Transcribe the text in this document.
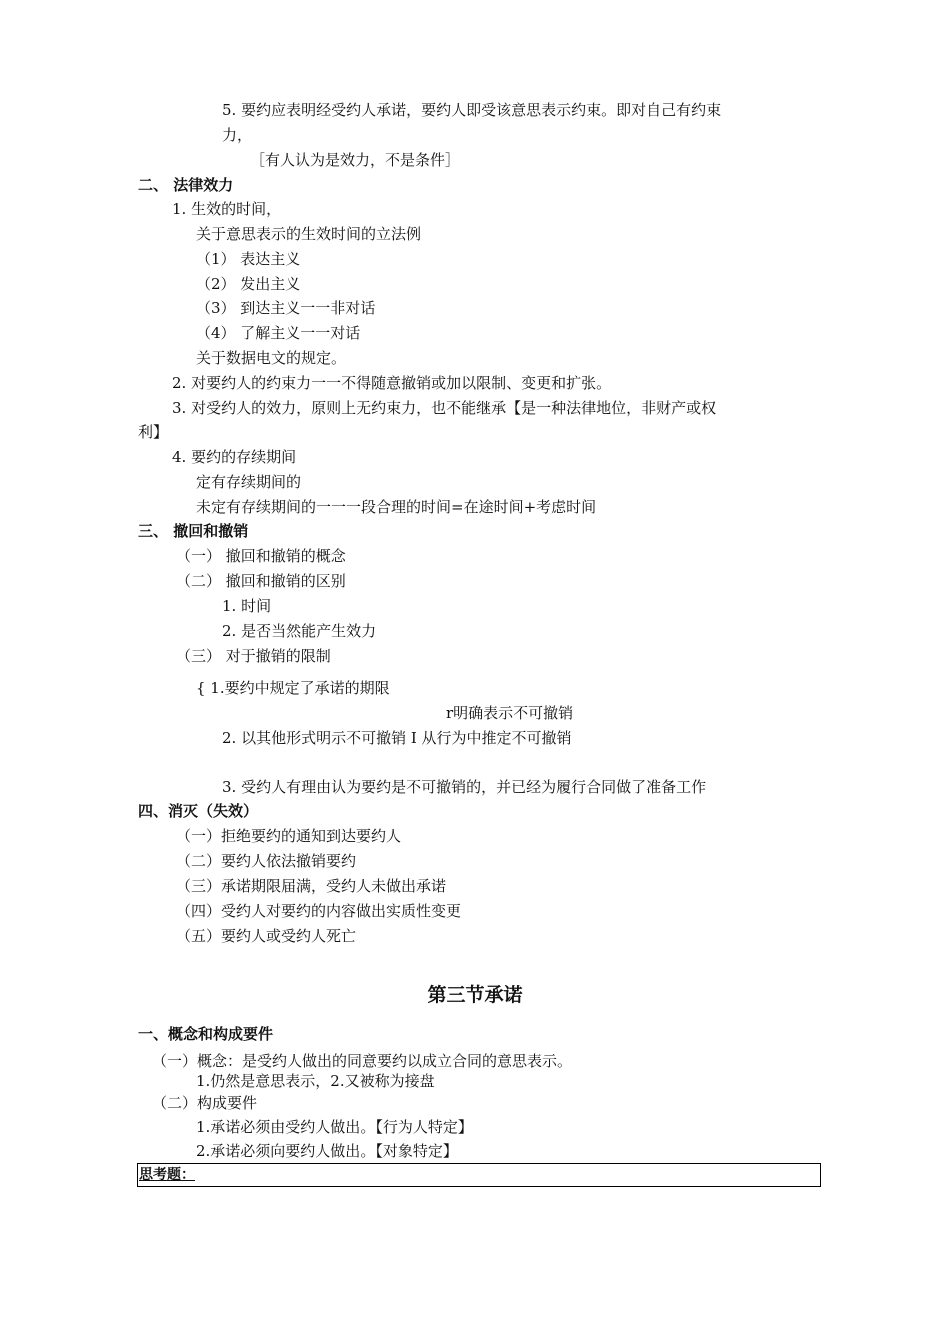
5. 要约应表明经受约人承诺，要约人即受该意思表示约束。即对自己有约束
力，
［有人认为是效力，不是条件］
二、 法律效力
1. 生效的时间，
关于意思表示的生效时间的立法例
（1） 表达主义
（2） 发出主义
（3） 到达主义一一非对话
（4） 了解主义一一对话
关于数据电文的规定。
2. 对要约人的约束力一一不得随意撤销或加以限制、变更和扩张。
3. 对受约人的效力，原则上无约束力，也不能继承【是一种法律地位，非财产或权
利】
4. 要约的存续期间
定有存续期间的
未定有存续期间的一一一段合理的时间=在途时间+考虑时间
三、 撤回和撤销
（一） 撤回和撤销的概念
（二） 撤回和撤销的区别
1. 时间
2. 是否当然能产生效力
（三） 对于撤销的限制
{ 1.要约中规定了承诺的期限
r明确表示不可撤销
2. 以其他形式明示不可撤销 I 从行为中推定不可撤销
3. 受约人有理由认为要约是不可撤销的，并已经为履行合同做了准备工作
四、消灭（失效）
（一）拒绝要约的通知到达要约人
（二）要约人依法撤销要约
（三）承诺期限届满，受约人未做出承诺
（四）受约人对要约的内容做出实质性变更
（五）要约人或受约人死亡
第三节承诺
一、概念和构成要件
（一）概念：是受约人做出的同意要约以成立合同的意思表示。
1.仍然是意思表示，2.又被称为接盘
（二）构成要件
1.承诺必须由受约人做出。【行为人特定】
2.承诺必须向要约人做出。【对象特定】
思考题：
